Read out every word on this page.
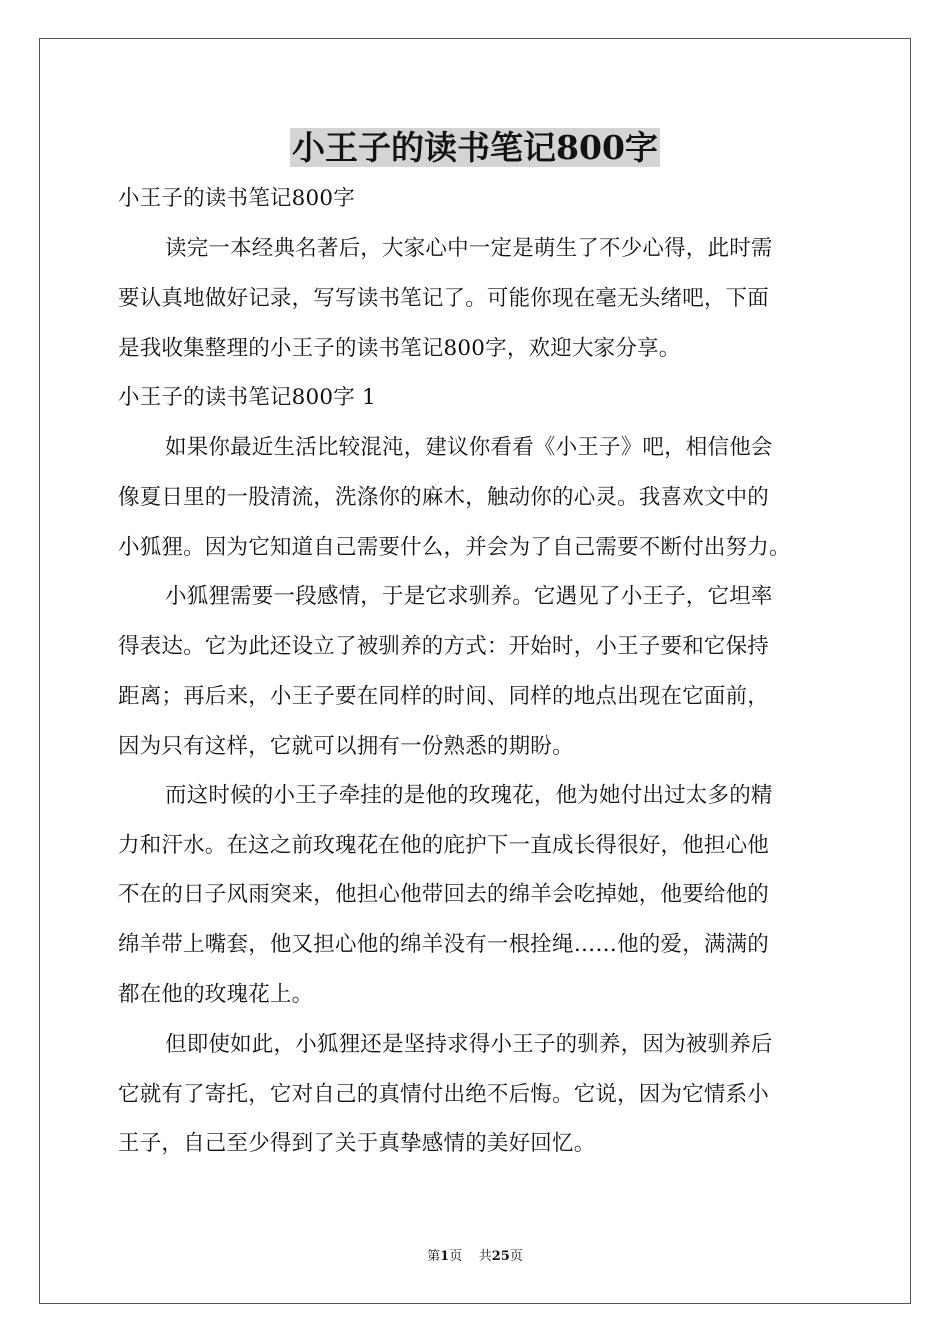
小王子的读书笔记800字
小王子的读书笔记800字
读完一本经典名著后，大家心中一定是萌生了不少心得，此时需
要认真地做好记录，写写读书笔记了。可能你现在毫无头绪吧，下面
是我收集整理的小王子的读书笔记800字，欢迎大家分享。
小王子的读书笔记800字 1
如果你最近生活比较混沌，建议你看看《小王子》吧，相信他会
像夏日里的一股清流，洗涤你的麻木，触动你的心灵。我喜欢文中的
小狐狸。因为它知道自己需要什么，并会为了自己需要不断付出努力。
小狐狸需要一段感情，于是它求驯养。它遇见了小王子，它坦率
得表达。它为此还设立了被驯养的方式：开始时，小王子要和它保持
距离；再后来，小王子要在同样的时间、同样的地点出现在它面前，
因为只有这样，它就可以拥有一份熟悉的期盼。
而这时候的小王子牵挂的是他的玫瑰花，他为她付出过太多的精
力和汗水。在这之前玫瑰花在他的庇护下一直成长得很好，他担心他
不在的日子风雨突来，他担心他带回去的绵羊会吃掉她，他要给他的
绵羊带上嘴套，他又担心他的绵羊没有一根拴绳……他的爱，满满的
都在他的玫瑰花上。
但即使如此，小狐狸还是坚持求得小王子的驯养，因为被驯养后
它就有了寄托，它对自己的真情付出绝不后悔。它说，因为它情系小
王子，自己至少得到了关于真挚感情的美好回忆。
第1页 共25页
